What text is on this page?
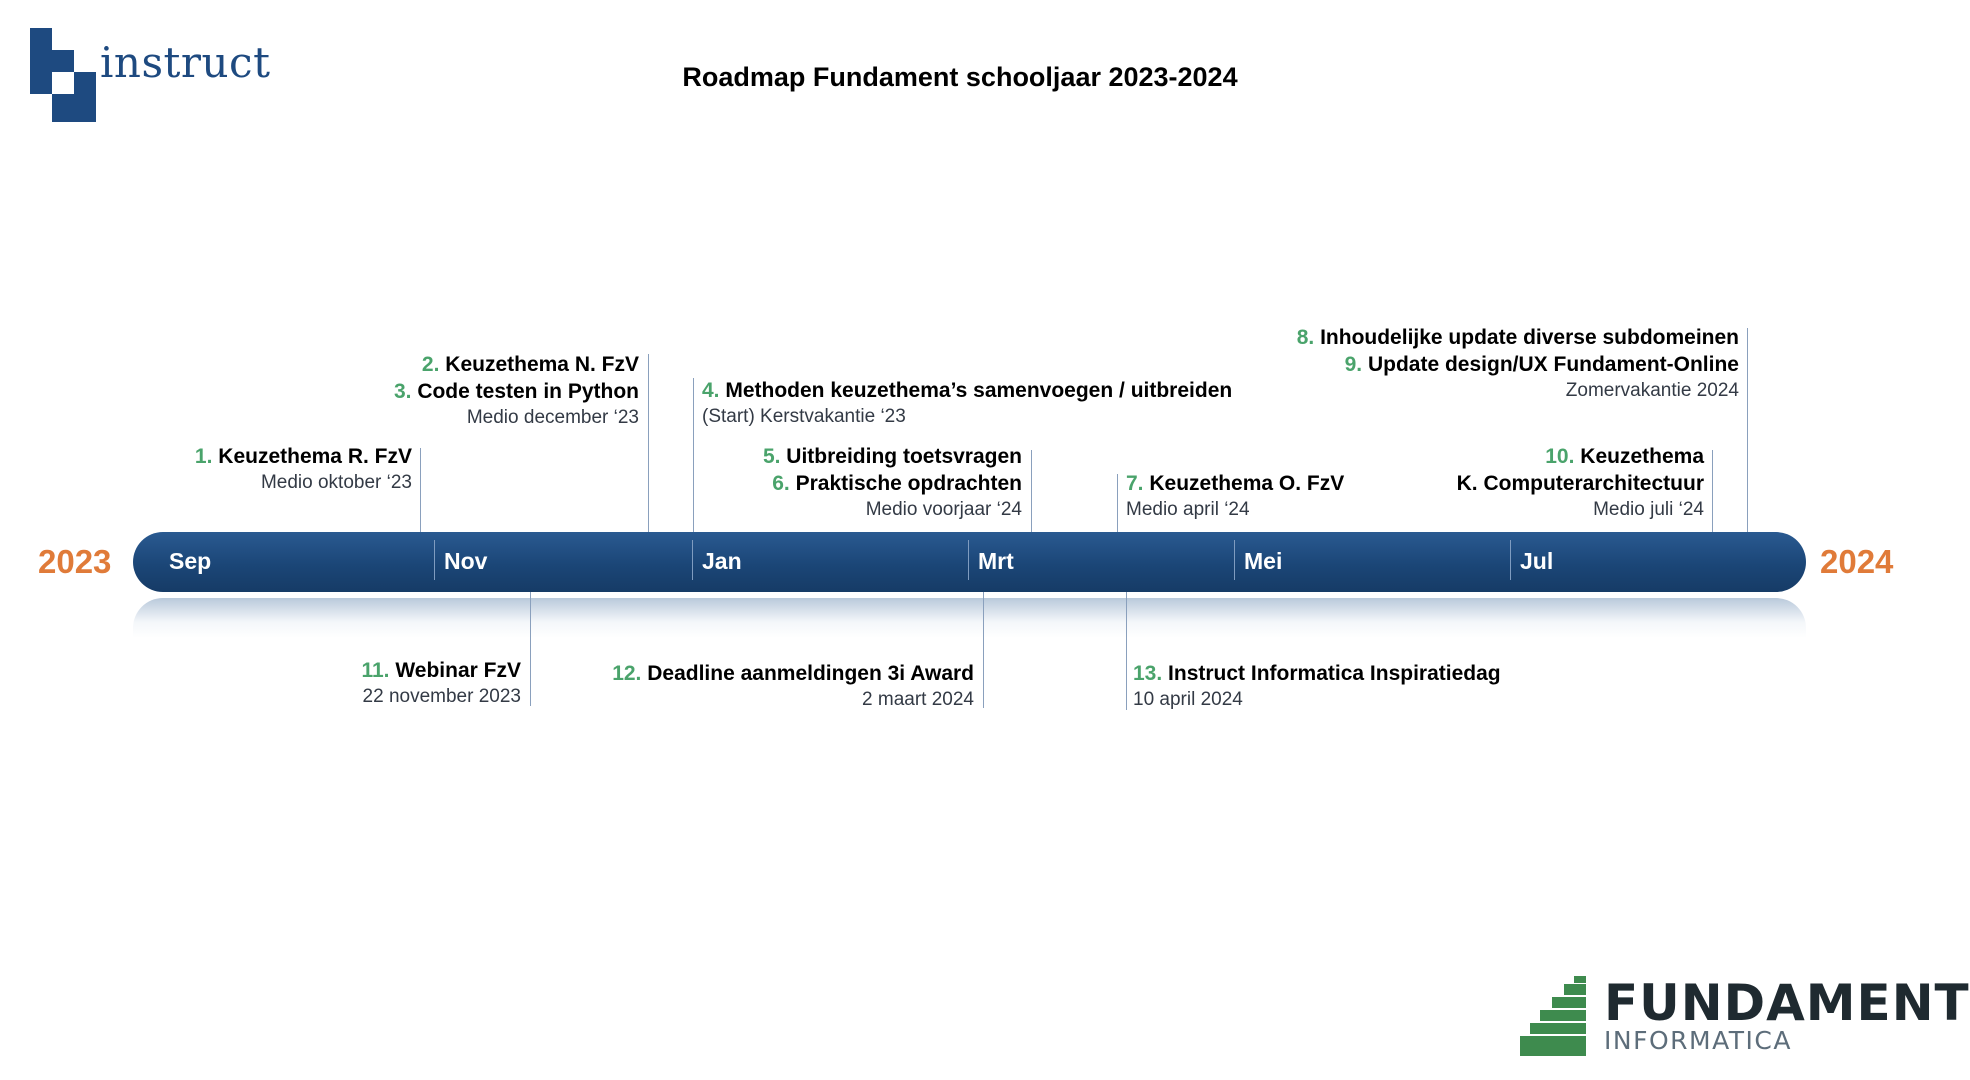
instruct	Roadmap Fundament schooljaar 2023-2024
2023	2024
Sep	Nov	Jan	Mrt	Mei	Jul
1. Keuzethema R. FzV
Medio oktober ‘23
2. Keuzethema N. FzV
3. Code testen in Python
Medio december ‘23
4. Methoden keuzethema’s samenvoegen / uitbreiden
(Start) Kerstvakantie ‘23
5. Uitbreiding toetsvragen
6. Praktische opdrachten
Medio voorjaar ‘24
7. Keuzethema O. FzV
Medio april ‘24
8. Inhoudelijke update diverse subdomeinen
9. Update design/UX Fundament-Online
Zomervakantie 2024
10. Keuzethema
K. Computerarchitectuur
Medio juli ‘24
11. Webinar FzV
22 november 2023
12. Deadline aanmeldingen 3i Award
2 maart 2024
13. Instruct Informatica Inspiratiedag
10 april 2024
FUNDAMENT
INFORMATICA
